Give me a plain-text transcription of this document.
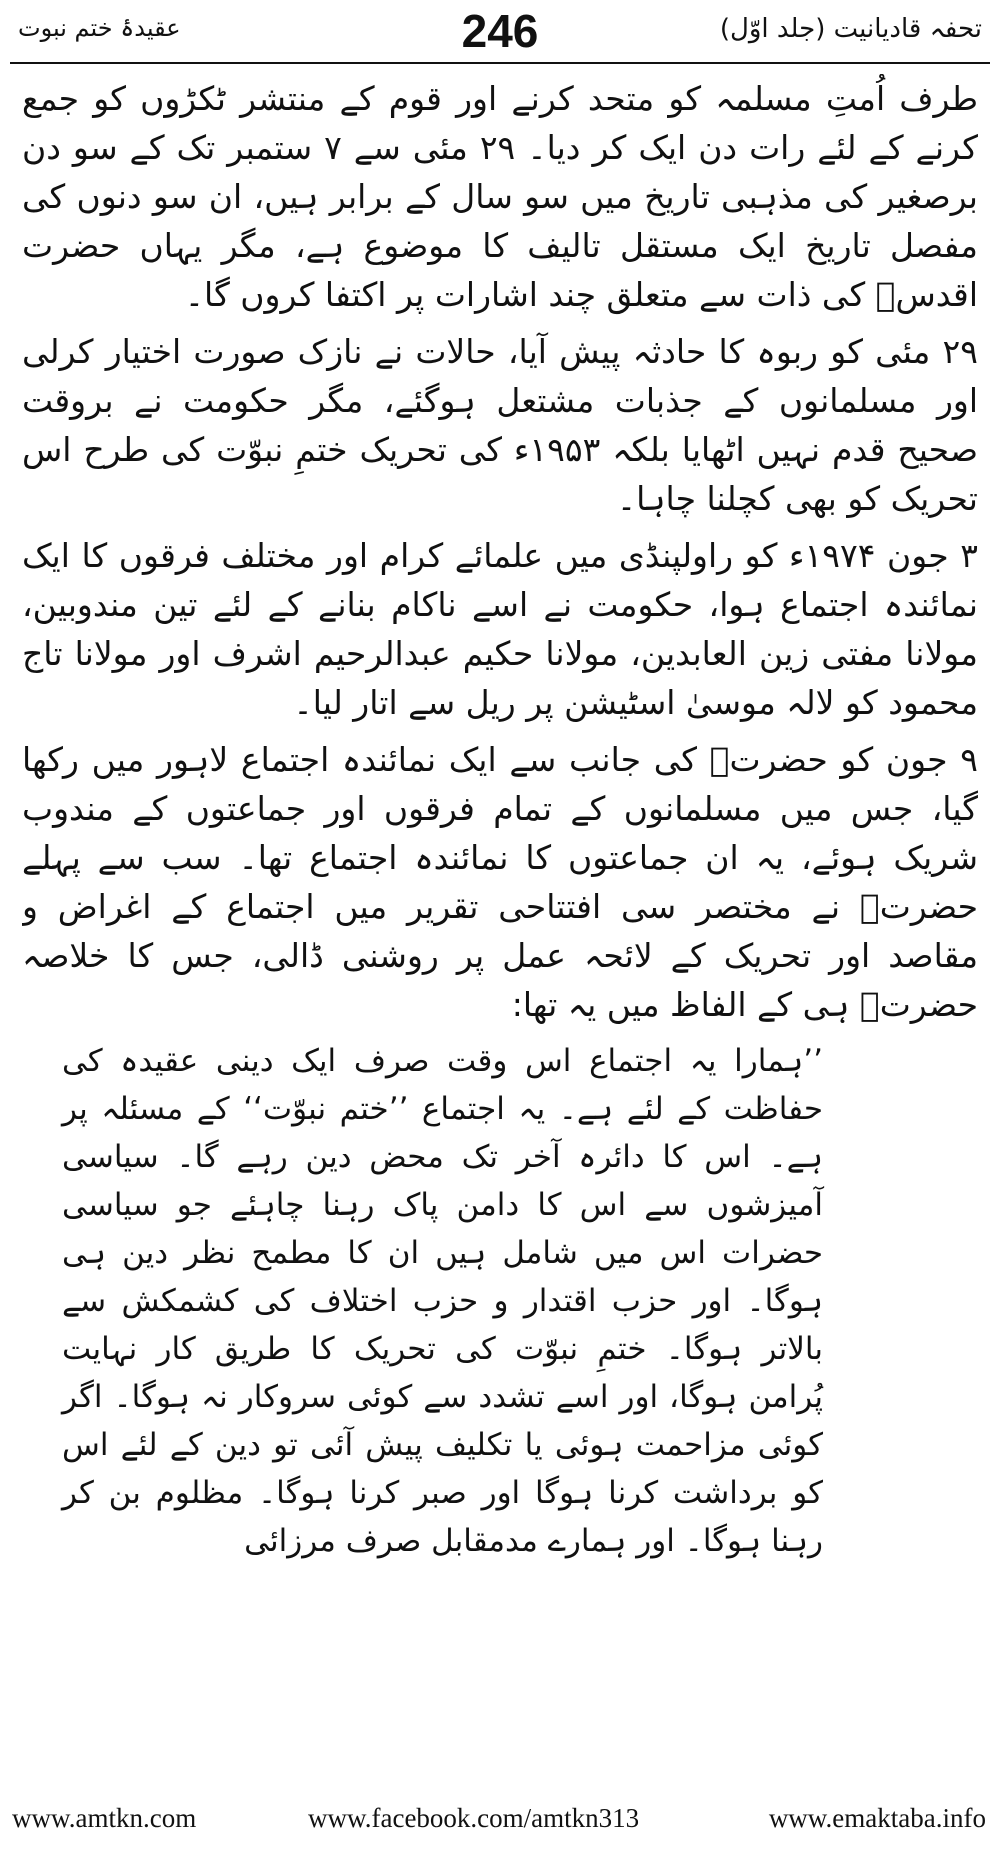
تحفہ قادیانیت (جلد اوّل)
246
عقیدۂ ختم نبوت

طرف اُمتِ مسلمہ کو متحد کرنے اور قوم کے منتشر ٹکڑوں کو جمع کرنے کے لئے رات دن ایک کر دیا۔ ۲۹ مئی سے ۷ ستمبر تک کے سو دن برصغیر کی مذہبی تاریخ میں سو سال کے برابر ہیں، ان سو دنوں کی مفصل تاریخ ایک مستقل تالیف کا موضوع ہے، مگر یہاں حضرت اقدسؒ کی ذات سے متعلق چند اشارات پر اکتفا کروں گا۔

۲۹ مئی کو ربوہ کا حادثہ پیش آیا، حالات نے نازک صورت اختیار کرلی اور مسلمانوں کے جذبات مشتعل ہوگئے، مگر حکومت نے بروقت صحیح قدم نہیں اٹھایا بلکہ ۱۹۵۳ء کی تحریک ختمِ نبوّت کی طرح اس تحریک کو بھی کچلنا چاہا۔

۳ جون ۱۹۷۴ء کو راولپنڈی میں علمائے کرام اور مختلف فرقوں کا ایک نمائندہ اجتماع ہوا، حکومت نے اسے ناکام بنانے کے لئے تین مندوبین، مولانا مفتی زین العابدین، مولانا حکیم عبدالرحیم اشرف اور مولانا تاج محمود کو لالہ موسیٰ اسٹیشن پر ریل سے اتار لیا۔

۹ جون کو حضرتؒ کی جانب سے ایک نمائندہ اجتماع لاہور میں رکھا گیا، جس میں مسلمانوں کے تمام فرقوں اور جماعتوں کے مندوب شریک ہوئے، یہ ان جماعتوں کا نمائندہ اجتماع تھا۔ سب سے پہلے حضرتؒ نے مختصر سی افتتاحی تقریر میں اجتماع کے اغراض و مقاصد اور تحریک کے لائحہ عمل پر روشنی ڈالی، جس کا خلاصہ حضرتؒ ہی کے الفاظ میں یہ تھا:

’’ہمارا یہ اجتماع اس وقت صرف ایک دینی عقیدہ کی حفاظت کے لئے ہے۔ یہ اجتماع ’’ختم نبوّت‘‘ کے مسئلہ پر ہے۔ اس کا دائرہ آخر تک محض دین رہے گا۔ سیاسی آمیزشوں سے اس کا دامن پاک رہنا چاہئے جو سیاسی حضرات اس میں شامل ہیں ان کا مطمح نظر دین ہی ہوگا۔ اور حزب اقتدار و حزب اختلاف کی کشمکش سے بالاتر ہوگا۔ ختمِ نبوّت کی تحریک کا طریق کار نہایت پُرامن ہوگا، اور اسے تشدد سے کوئی سروکار نہ ہوگا۔ اگر کوئی مزاحمت ہوئی یا تکلیف پیش آئی تو دین کے لئے اس کو برداشت کرنا ہوگا اور صبر کرنا ہوگا۔ مظلوم بن کر رہنا ہوگا۔ اور ہمارے مدمقابل صرف مرزائی

www.amtkn.com	www.facebook.com/amtkn313	www.emaktaba.info
